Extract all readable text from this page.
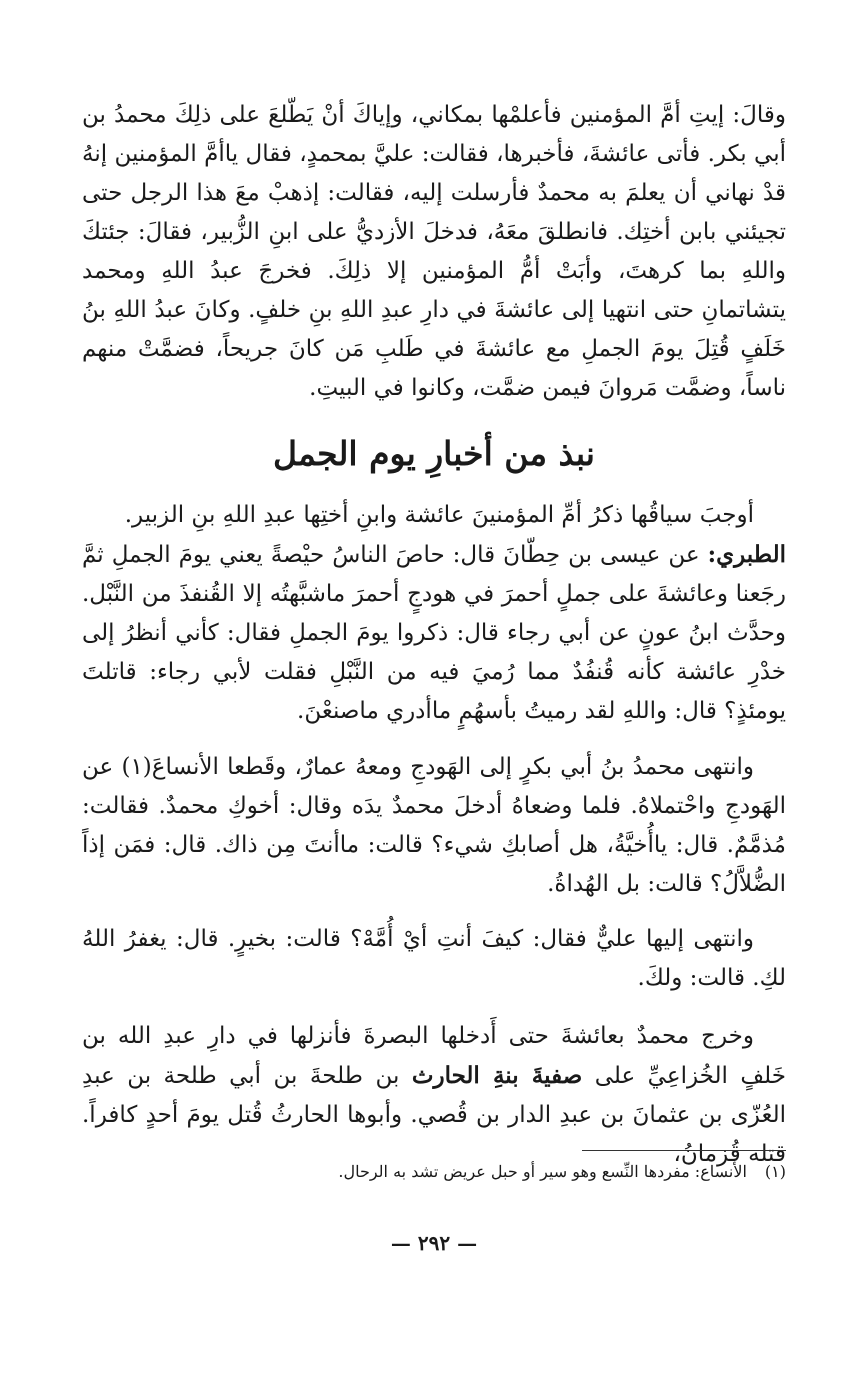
وقالَ: إيتِ أمَّ المؤمنين فأعلمْها بمكاني، وإياكَ أنْ يَطّلعَ على ذلِكَ محمدُ بن أبي بكر. فأتى عائشةَ، فأخبرها، فقالت: عليَّ بمحمدٍ، فقال ياأمَّ المؤمنين إنهُ قدْ نهاني أن يعلمَ به محمدٌ فأرسلت إليه، فقالت: إذهبْ معَ هذا الرجل حتى تجيئني بابن أختِك. فانطلقَ معَهُ، فدخلَ الأزديُّ على ابنِ الزُّبير، فقالَ: جئتكَ واللهِ بما كرهتَ، وأبَتْ أمُّ المؤمنين إلا ذلِكَ. فخرجَ عبدُ اللهِ ومحمد يتشاتمانِ حتى انتهيا إلى عائشةَ في دارِ عبدِ اللهِ بنِ خلفٍ. وكانَ عبدُ اللهِ بنُ خَلَفٍ قُتِلَ يومَ الجملِ مع عائشةَ في طَلبِ مَن كانَ جريحاً، فضمَّتْ منهم ناساً، وضمَّت مَروانَ فيمن ضمَّت، وكانوا في البيتِ.

نبذ من أخبارِ يوم الجمل

أوجبَ سياقُها ذكرُ أمِّ المؤمنينَ عائشة وابنِ أختِها عبدِ اللهِ بنِ الزبير.

الطبري: عن عيسى بن حِطّانَ قال: حاصَ الناسُ حيْصةً يعني يومَ الجملِ ثمَّ رجَعنا وعائشةَ على جملٍ أحمرَ في هودجٍ أحمرَ ماشبَّهتُه إلا القُنفذَ من النَّبْل. وحدَّث ابنُ عونٍ عن أبي رجاء قال: ذكروا يومَ الجملِ فقال: كأني أنظرُ إلى خدْرِ عائشة كأنه قُنفُدٌ مما رُميَ فيه من النَّبْلِ فقلت لأبي رجاء: قاتلتَ يومئذٍ؟ قال: واللهِ لقد رميتُ بأسهُمٍ ماأدري ماصنعْنَ.

وانتهى محمدُ بنُ أبي بكرٍ إلى الهَودجِ ومعهُ عمارٌ، وقَطعا الأنساعَ(١) عن الهَودجِ واحْتملاهُ. فلما وضعاهُ أدخلَ محمدٌ يدَه وقال: أخوكِ محمدٌ. فقالت: مُذمَّمٌ. قال: ياأُخيَّةُ، هل أصابكِ شيء؟ قالت: ماأنتَ مِن ذاك. قال: فمَن إذاً الضُّلاَّلُ؟ قالت: بل الهُداةُ.

وانتهى إليها عليٌّ فقال: كيفَ أنتِ أيْ أُمَّهْ؟ قالت: بخيرٍ. قال: يغفرُ اللهُ لكِ. قالت: ولكَ.

وخرج محمدٌ بعائشةَ حتى أَدخلها البصرةَ فأنزلها في دارِ عبدِ الله بن خَلفٍ الخُزاعِيِّ على صفيةَ بنةِ الحارث بن طلحةَ بن أبي طلحة بن عبدِ العُزّى بن عثمانَ بن عبدِ الدار بن قُصي. وأبوها الحارثُ قُتل يومَ أحدٍ كافراً. قتله قُزمانُ،

(١)الأنساع: مفردها النِّسع وهو سير أو حبل عريض تشد به الرحال.
— ٢٩٢ —
